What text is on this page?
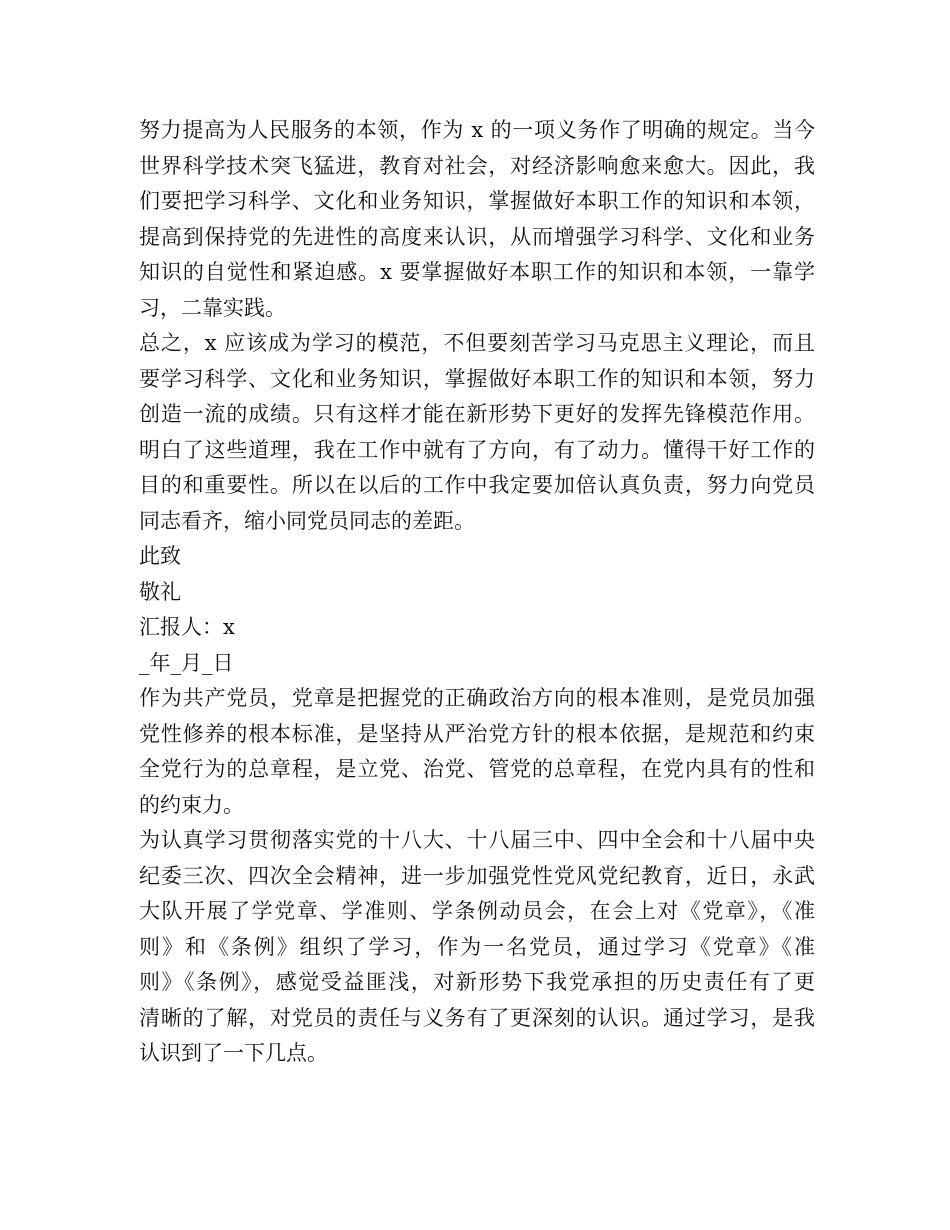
努力提高为人民服务的本领，作为 x 的一项义务作了明确的规定。当今
世界科学技术突飞猛进，教育对社会，对经济影响愈来愈大。因此，我
们要把学习科学、文化和业务知识，掌握做好本职工作的知识和本领，
提高到保持党的先进性的高度来认识，从而增强学习科学、文化和业务
知识的自觉性和紧迫感。x 要掌握做好本职工作的知识和本领，一靠学
习，二靠实践。
总之，x 应该成为学习的模范，不但要刻苦学习马克思主义理论，而且
要学习科学、文化和业务知识，掌握做好本职工作的知识和本领，努力
创造一流的成绩。只有这样才能在新形势下更好的发挥先锋模范作用。
明白了这些道理，我在工作中就有了方向，有了动力。懂得干好工作的
目的和重要性。所以在以后的工作中我定要加倍认真负责，努力向党员
同志看齐，缩小同党员同志的差距。
此致
敬礼
汇报人：x
_年_月_日
作为共产党员，党章是把握党的正确政治方向的根本准则，是党员加强
党性修养的根本标准，是坚持从严治党方针的根本依据，是规范和约束
全党行为的总章程，是立党、治党、管党的总章程，在党内具有的性和
的约束力。
为认真学习贯彻落实党的十八大、十八届三中、四中全会和十八届中央
纪委三次、四次全会精神，进一步加强党性党风党纪教育，近日，永武
大队开展了学党章、学准则、学条例动员会，在会上对《党章》，《准
则》和《条例》组织了学习，作为一名党员，通过学习《党章》《准
则》《条例》，感觉受益匪浅，对新形势下我党承担的历史责任有了更
清晰的了解，对党员的责任与义务有了更深刻的认识。通过学习，是我
认识到了一下几点。
